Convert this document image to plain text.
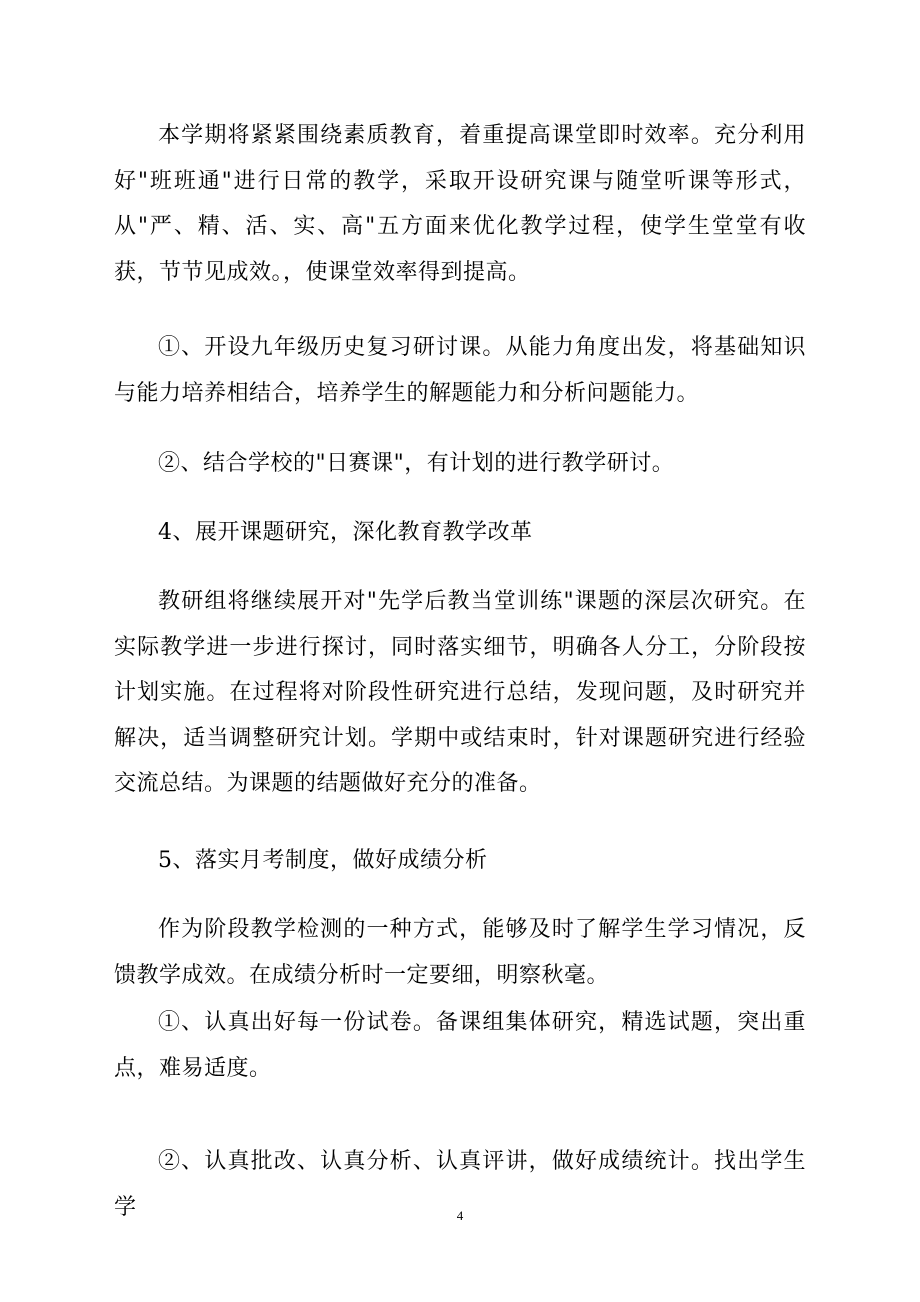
本学期将紧紧围绕素质教育，着重提高课堂即时效率。充分利用好"班班通"进行日常的教学，采取开设研究课与随堂听课等形式，从"严、精、活、实、高"五方面来优化教学过程，使学生堂堂有收获，节节见成效。，使课堂效率得到提高。

①、开设九年级历史复习研讨课。从能力角度出发，将基础知识与能力培养相结合，培养学生的解题能力和分析问题能力。

②、结合学校的"日赛课"，有计划的进行教学研讨。

4、展开课题研究，深化教育教学改革

教研组将继续展开对"先学后教当堂训练"课题的深层次研究。在实际教学进一步进行探讨，同时落实细节，明确各人分工，分阶段按计划实施。在过程将对阶段性研究进行总结，发现问题，及时研究并解决，适当调整研究计划。学期中或结束时，针对课题研究进行经验交流总结。为课题的结题做好充分的准备。

5、落实月考制度，做好成绩分析

作为阶段教学检测的一种方式，能够及时了解学生学习情况，反馈教学成效。在成绩分析时一定要细，明察秋毫。

①、认真出好每一份试卷。备课组集体研究，精选试题，突出重点，难易适度。

②、认真批改、认真分析、认真评讲，做好成绩统计。找出学生学	4
